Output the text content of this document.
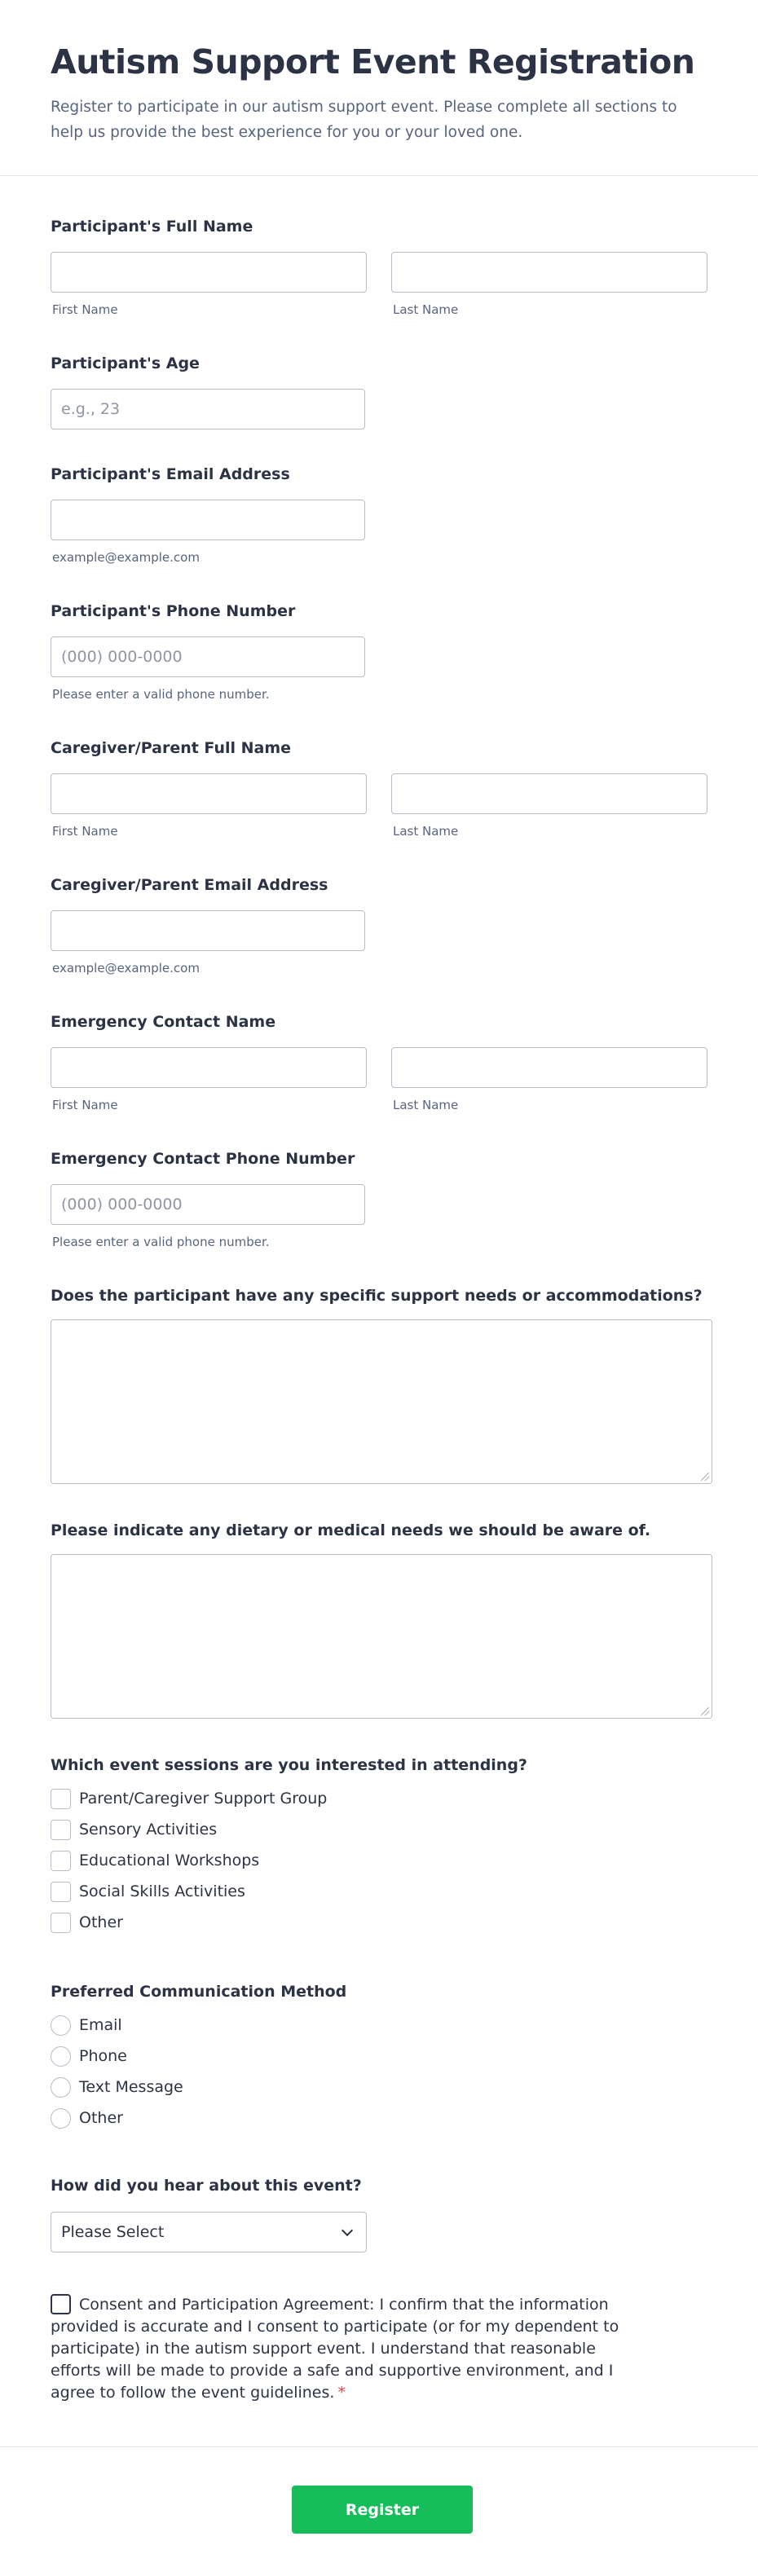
Autism Support Event Registration

Register to participate in our autism support event. Please complete all sections to help us provide the best experience for you or your loved one.

Participant's Full Name
First Name	Last Name
Participant's Age
e.g., 23
Participant's Email Address
example@example.com
Participant's Phone Number
(000) 000-0000
Please enter a valid phone number.
Caregiver/Parent Full Name
First Name	Last Name
Caregiver/Parent Email Address
example@example.com
Emergency Contact Name
First Name	Last Name
Emergency Contact Phone Number
(000) 000-0000
Please enter a valid phone number.
Does the participant have any specific support needs or accommodations?
Please indicate any dietary or medical needs we should be aware of.
Which event sessions are you interested in attending?
Parent/Caregiver Support Group
Sensory Activities
Educational Workshops
Social Skills Activities
Other
Preferred Communication Method
Email
Phone
Text Message
Other
How did you hear about this event?
Please Select
Consent and Participation Agreement: I confirm that the information provided is accurate and I consent to participate (or for my dependent to participate) in the autism support event. I understand that reasonable efforts will be made to provide a safe and supportive environment, and I agree to follow the event guidelines. *
Register
